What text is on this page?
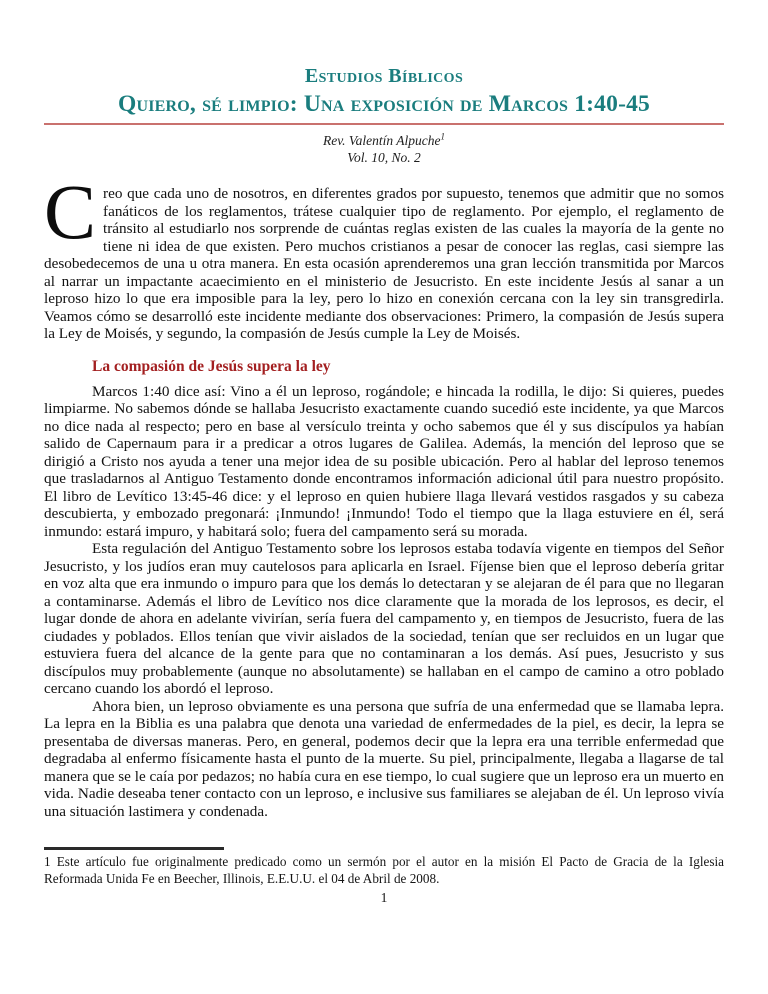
Estudios Bíblicos
Quiero, sé limpio: Una exposición de Marcos 1:40-45

Rev. Valentín Alpuche$^1$

Vol. 10, No. 2

Creo que cada uno de nosotros, en diferentes grados por supuesto, tenemos que admitir que no somos fanáticos de los reglamentos, trátese cualquier tipo de reglamento. Por ejemplo, el reglamento de tránsito al estudiarlo nos sorprende de cuántas reglas existen de las cuales la mayoría de la gente no tiene ni idea de que existen. Pero muchos cristianos a pesar de conocer las reglas, casi siempre las desobedecemos de una u otra manera. En esta ocasión aprenderemos una gran lección transmitida por Marcos al narrar un impactante acaecimiento en el ministerio de Jesucristo. En este incidente Jesús al sanar a un leproso hizo lo que era imposible para la ley, pero lo hizo en conexión cercana con la ley sin transgredirla. Veamos cómo se desarrolló este incidente mediante dos observaciones: Primero, la compasión de Jesús supera la Ley de Moisés, y segundo, la compasión de Jesús cumple la Ley de Moisés.

La compasión de Jesús supera la ley

Marcos 1:40 dice así: Vino a él un leproso, rogándole; e hincada la rodilla, le dijo: Si quieres, puedes limpiarme. No sabemos dónde se hallaba Jesucristo exactamente cuando sucedió este incidente, ya que Marcos no dice nada al respecto; pero en base al versículo treinta y ocho sabemos que él y sus discípulos ya habían salido de Capernaum para ir a predicar a otros lugares de Galilea. Además, la mención del leproso que se dirigió a Cristo nos ayuda a tener una mejor idea de su posible ubicación. Pero al hablar del leproso tenemos que trasladarnos al Antiguo Testamento donde encontramos información adicional útil para nuestro propósito. El libro de Levítico 13:45-46 dice: y el leproso en quien hubiere llaga llevará vestidos rasgados y su cabeza descubierta, y embozado pregonará: ¡Inmundo! ¡Inmundo! Todo el tiempo que la llaga estuviere en él, será inmundo: estará impuro, y habitará solo; fuera del campamento será su morada.

Esta regulación del Antiguo Testamento sobre los leprosos estaba todavía vigente en tiempos del Señor Jesucristo, y los judíos eran muy cautelosos para aplicarla en Israel. Fíjense bien que el leproso debería gritar en voz alta que era inmundo o impuro para que los demás lo detectaran y se alejaran de él para que no llegaran a contaminarse. Además el libro de Levítico nos dice claramente que la morada de los leprosos, es decir, el lugar donde de ahora en adelante vivirían, sería fuera del campamento y, en tiempos de Jesucristo, fuera de las ciudades y poblados. Ellos tenían que vivir aislados de la sociedad, tenían que ser recluidos en un lugar que estuviera fuera del alcance de la gente para que no contaminaran a los demás. Así pues, Jesucristo y sus discípulos muy probablemente (aunque no absolutamente) se hallaban en el campo de camino a otro poblado cercano cuando los abordó el leproso.

Ahora bien, un leproso obviamente es una persona que sufría de una enfermedad que se llamaba lepra. La lepra en la Biblia es una palabra que denota una variedad de enfermedades de la piel, es decir, la lepra se presentaba de diversas maneras. Pero, en general, podemos decir que la lepra era una terrible enfermedad que degradaba al enfermo físicamente hasta el punto de la muerte. Su piel, principalmente, llegaba a llagarse de tal manera que se le caía por pedazos; no había cura en ese tiempo, lo cual sugiere que un leproso era un muerto en vida. Nadie deseaba tener contacto con un leproso, e inclusive sus familiares se alejaban de él. Un leproso vivía una situación lastimera y condenada.

1 Este artículo fue originalmente predicado como un sermón por el autor en la misión El Pacto de Gracia de la Iglesia Reformada Unida Fe en Beecher, Illinois, E.E.U.U. el 04 de Abril de 2008.

1
